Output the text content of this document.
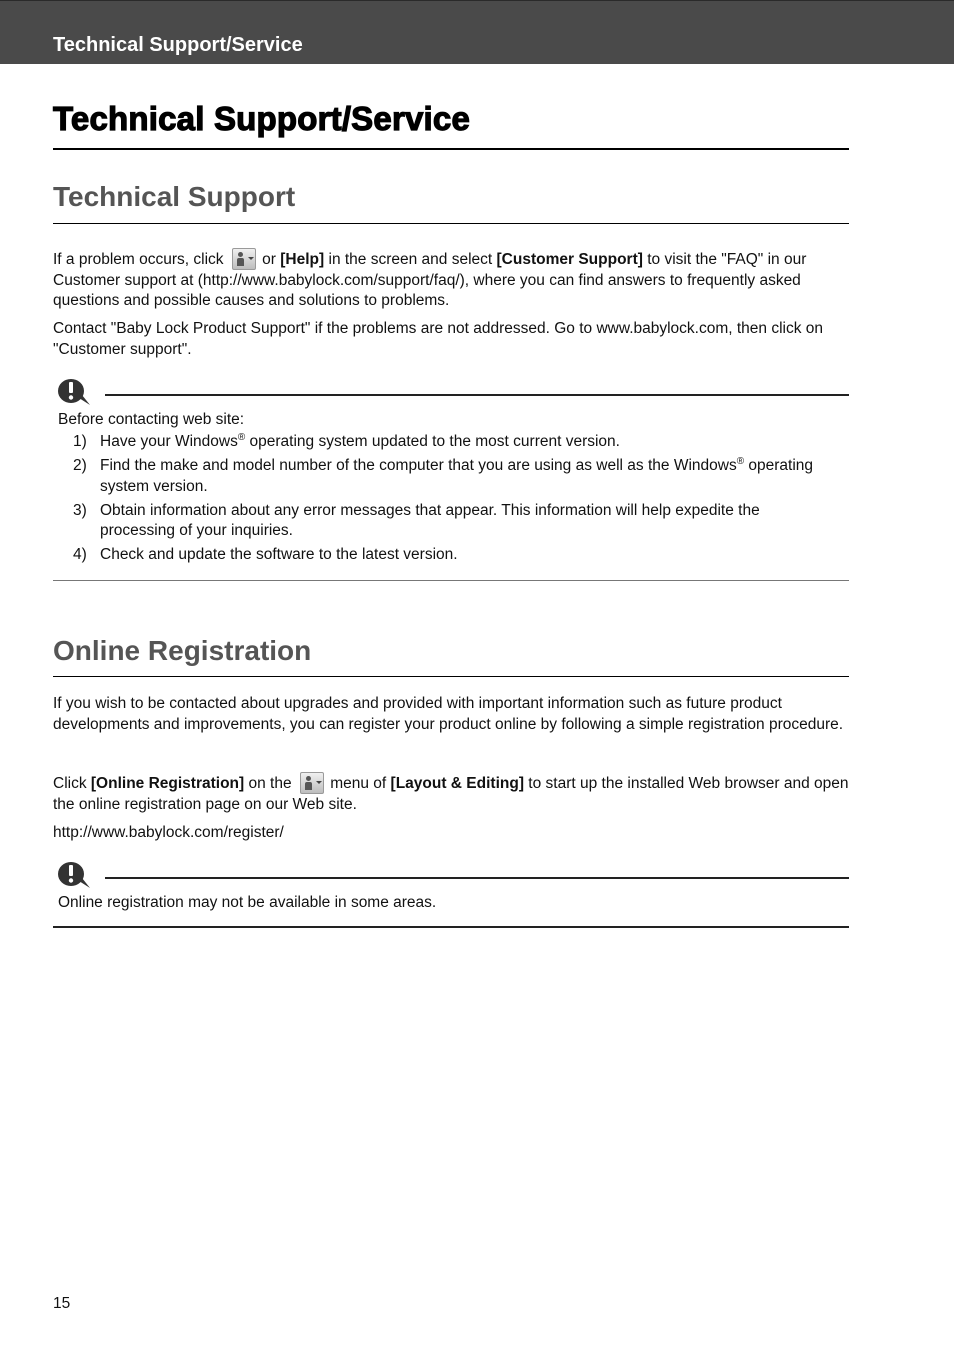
Technical Support/Service
Technical Support/Service
Technical Support
If a problem occurs, click
or [Help] in the screen and select [Customer Support] to visit the "FAQ" in our Customer support at (http://www.babylock.com/support/faq/), where you can find answers to frequently asked questions and possible causes and solutions to problems.
Contact "Baby Lock Product Support" if the problems are not addressed. Go to www.babylock.com, then click on "Customer support".
Before contacting web site:
1) Have your Windows® operating system updated to the most current version.
2) Find the make and model number of the computer that you are using as well as the Windows® operating system version.
3) Obtain information about any error messages that appear. This information will help expedite the processing of your inquiries.
4) Check and update the software to the latest version.
Online Registration
If you wish to be contacted about upgrades and provided with important information such as future product developments and improvements, you can register your product online by following a simple registration procedure.
Click [Online Registration] on the
menu of [Layout & Editing] to start up the installed Web browser and open the online registration page on our Web site.
http://www.babylock.com/register/
Online registration may not be available in some areas.
15
